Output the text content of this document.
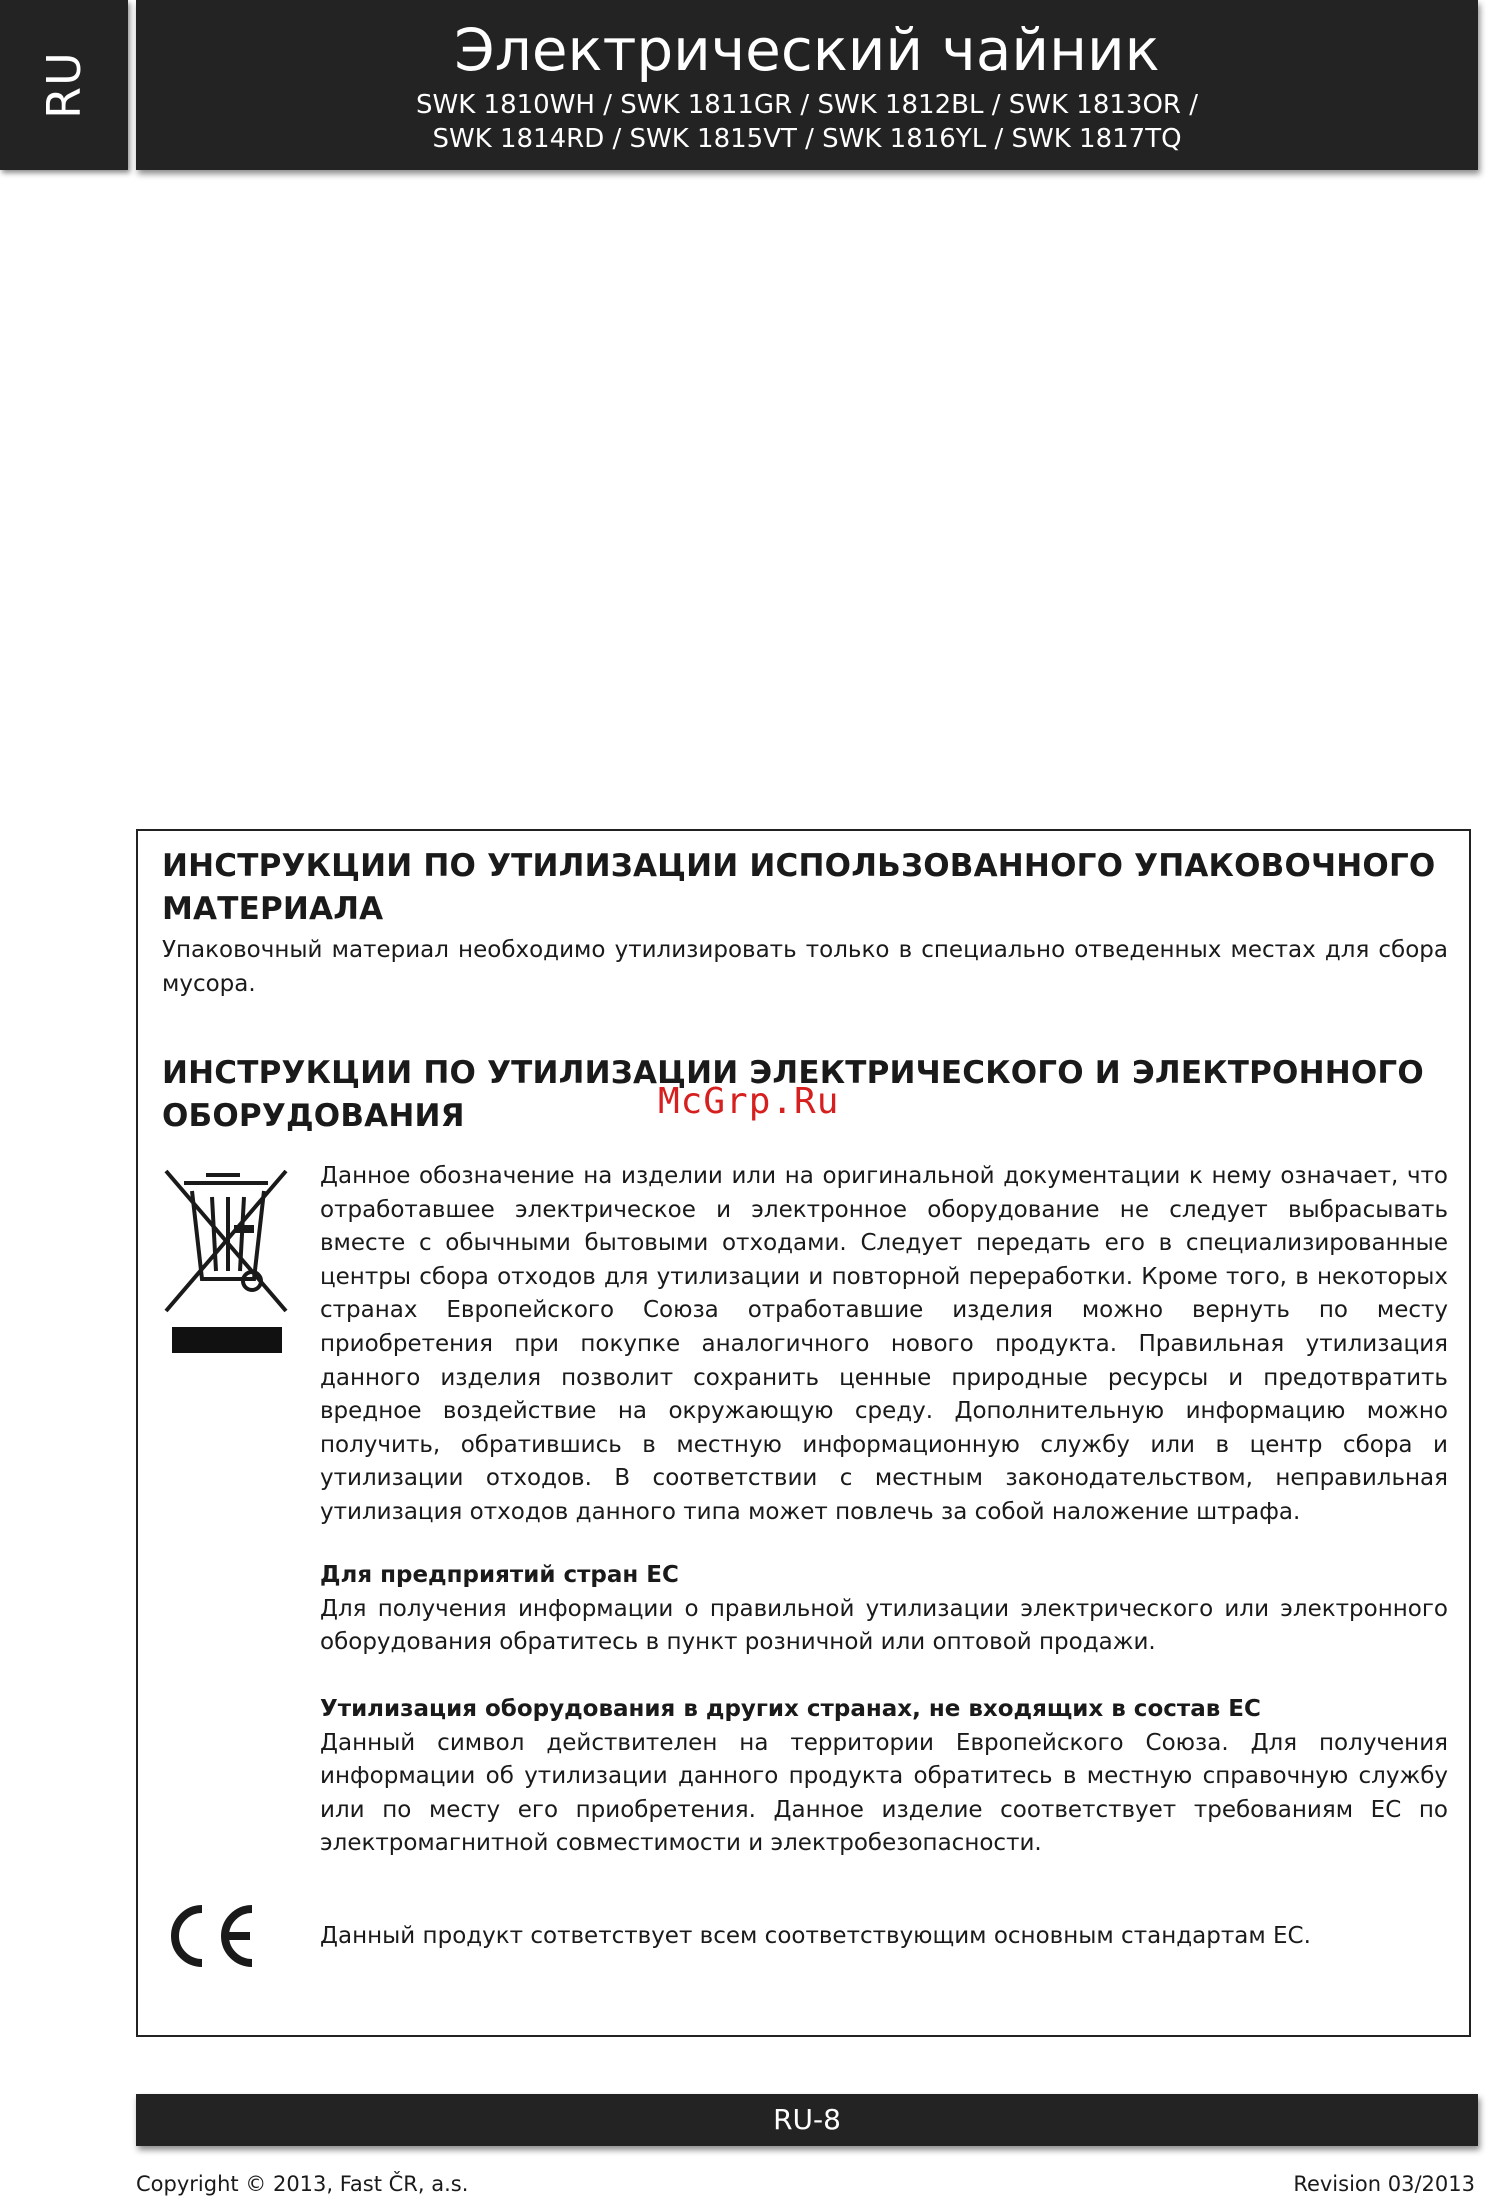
RU
Электрический чайник
SWK 1810WH / SWK 1811GR / SWK 1812BL / SWK 1813OR /
SWK 1814RD / SWK 1815VT / SWK 1816YL / SWK 1817TQ
ИНСТРУКЦИИ ПО УТИЛИЗАЦИИ ИСПОЛЬЗОВАННОГО УПАКОВОЧНОГО МАТЕРИАЛА

Упаковочный материал необходимо утилизировать только в специально отведенных местах для сбора мусора.

ИНСТРУКЦИИ ПО УТИЛИЗАЦИИ ЭЛЕКТРИЧЕСКОГО И ЭЛЕКТРОННОГО ОБОРУДОВАНИЯ	McGrp.Ru

Данное обозначение на изделии или на оригинальной документации к нему означает, что отработавшее электрическое и электронное оборудование не следует выбрасывать вместе с обычными бытовыми отходами. Следует передать его в специализированные центры сбора отходов для утилизации и повторной переработки. Кроме того, в некоторых странах Европейского Союза отработавшие изделия можно вернуть по месту приобретения при покупке аналогичного нового продукта. Правильная утилизация данного изделия позволит сохранить ценные природные ресурсы и предотвратить вредное воздействие на окружающую среду. Дополнительную информацию можно получить, обратившись в местную информационную службу или в центр сбора и утилизации отходов. В соответствии с местным законодательством, неправильная утилизация отходов данного типа может повлечь за собой наложение штрафа.

Для предприятий стран ЕС
Для получения информации о правильной утилизации электрического или электронного оборудования обратитесь в пункт розничной или оптовой продажи.

Утилизация оборудования в других странах, не входящих в состав ЕС
Данный символ действителен на территории Европейского Союза. Для получения информации об утилизации данного продукта обратитесь в местную справочную службу или по месту его приобретения. Данное изделие соответствует требованиям ЕС по электромагнитной совместимости и электробезопасности.

Данный продукт сответствует всем соответствующим основным стандартам ЕС.

RU-8
Copyright © 2013, Fast ČR, a.s.	Revision 03/2013
